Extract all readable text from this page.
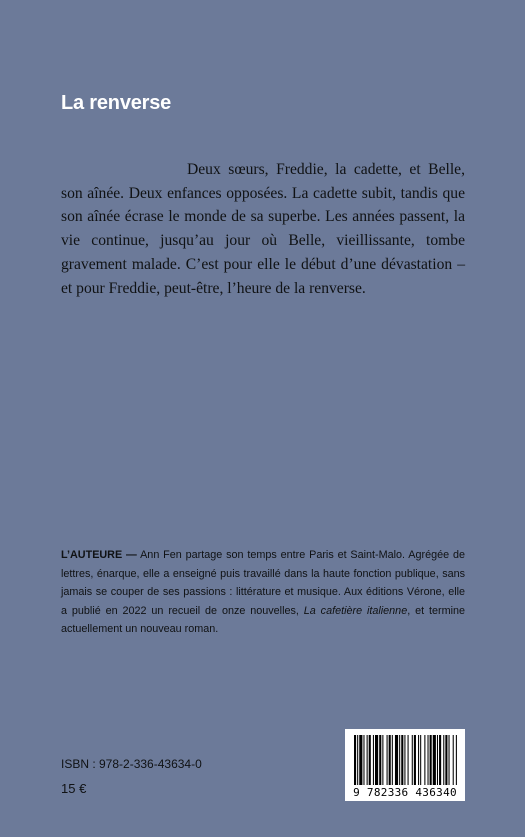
La renverse

Deux sœurs, Freddie, la cadette, et Belle, son aînée. Deux enfances opposées. La cadette subit, tandis que son aînée écrase le monde de sa superbe. Les années passent, la vie continue, jusqu’au jour où Belle, vieillissante, tombe gravement malade. C’est pour elle le début d’une dévastation – et pour Freddie, peut-être, l’heure de la renverse.

L’AUTEURE — Ann Fen partage son temps entre Paris et Saint-Malo. Agrégée de lettres, énarque, elle a enseigné puis travaillé dans la haute fonction publique, sans jamais se couper de ses passions : littérature et musique. Aux éditions Vérone, elle a publié en 2022 un recueil de onze nouvelles, La cafetière italienne, et termine actuellement un nouveau roman.

ISBN : 978-2-336-43634-0
15 €	9 782336 436340
